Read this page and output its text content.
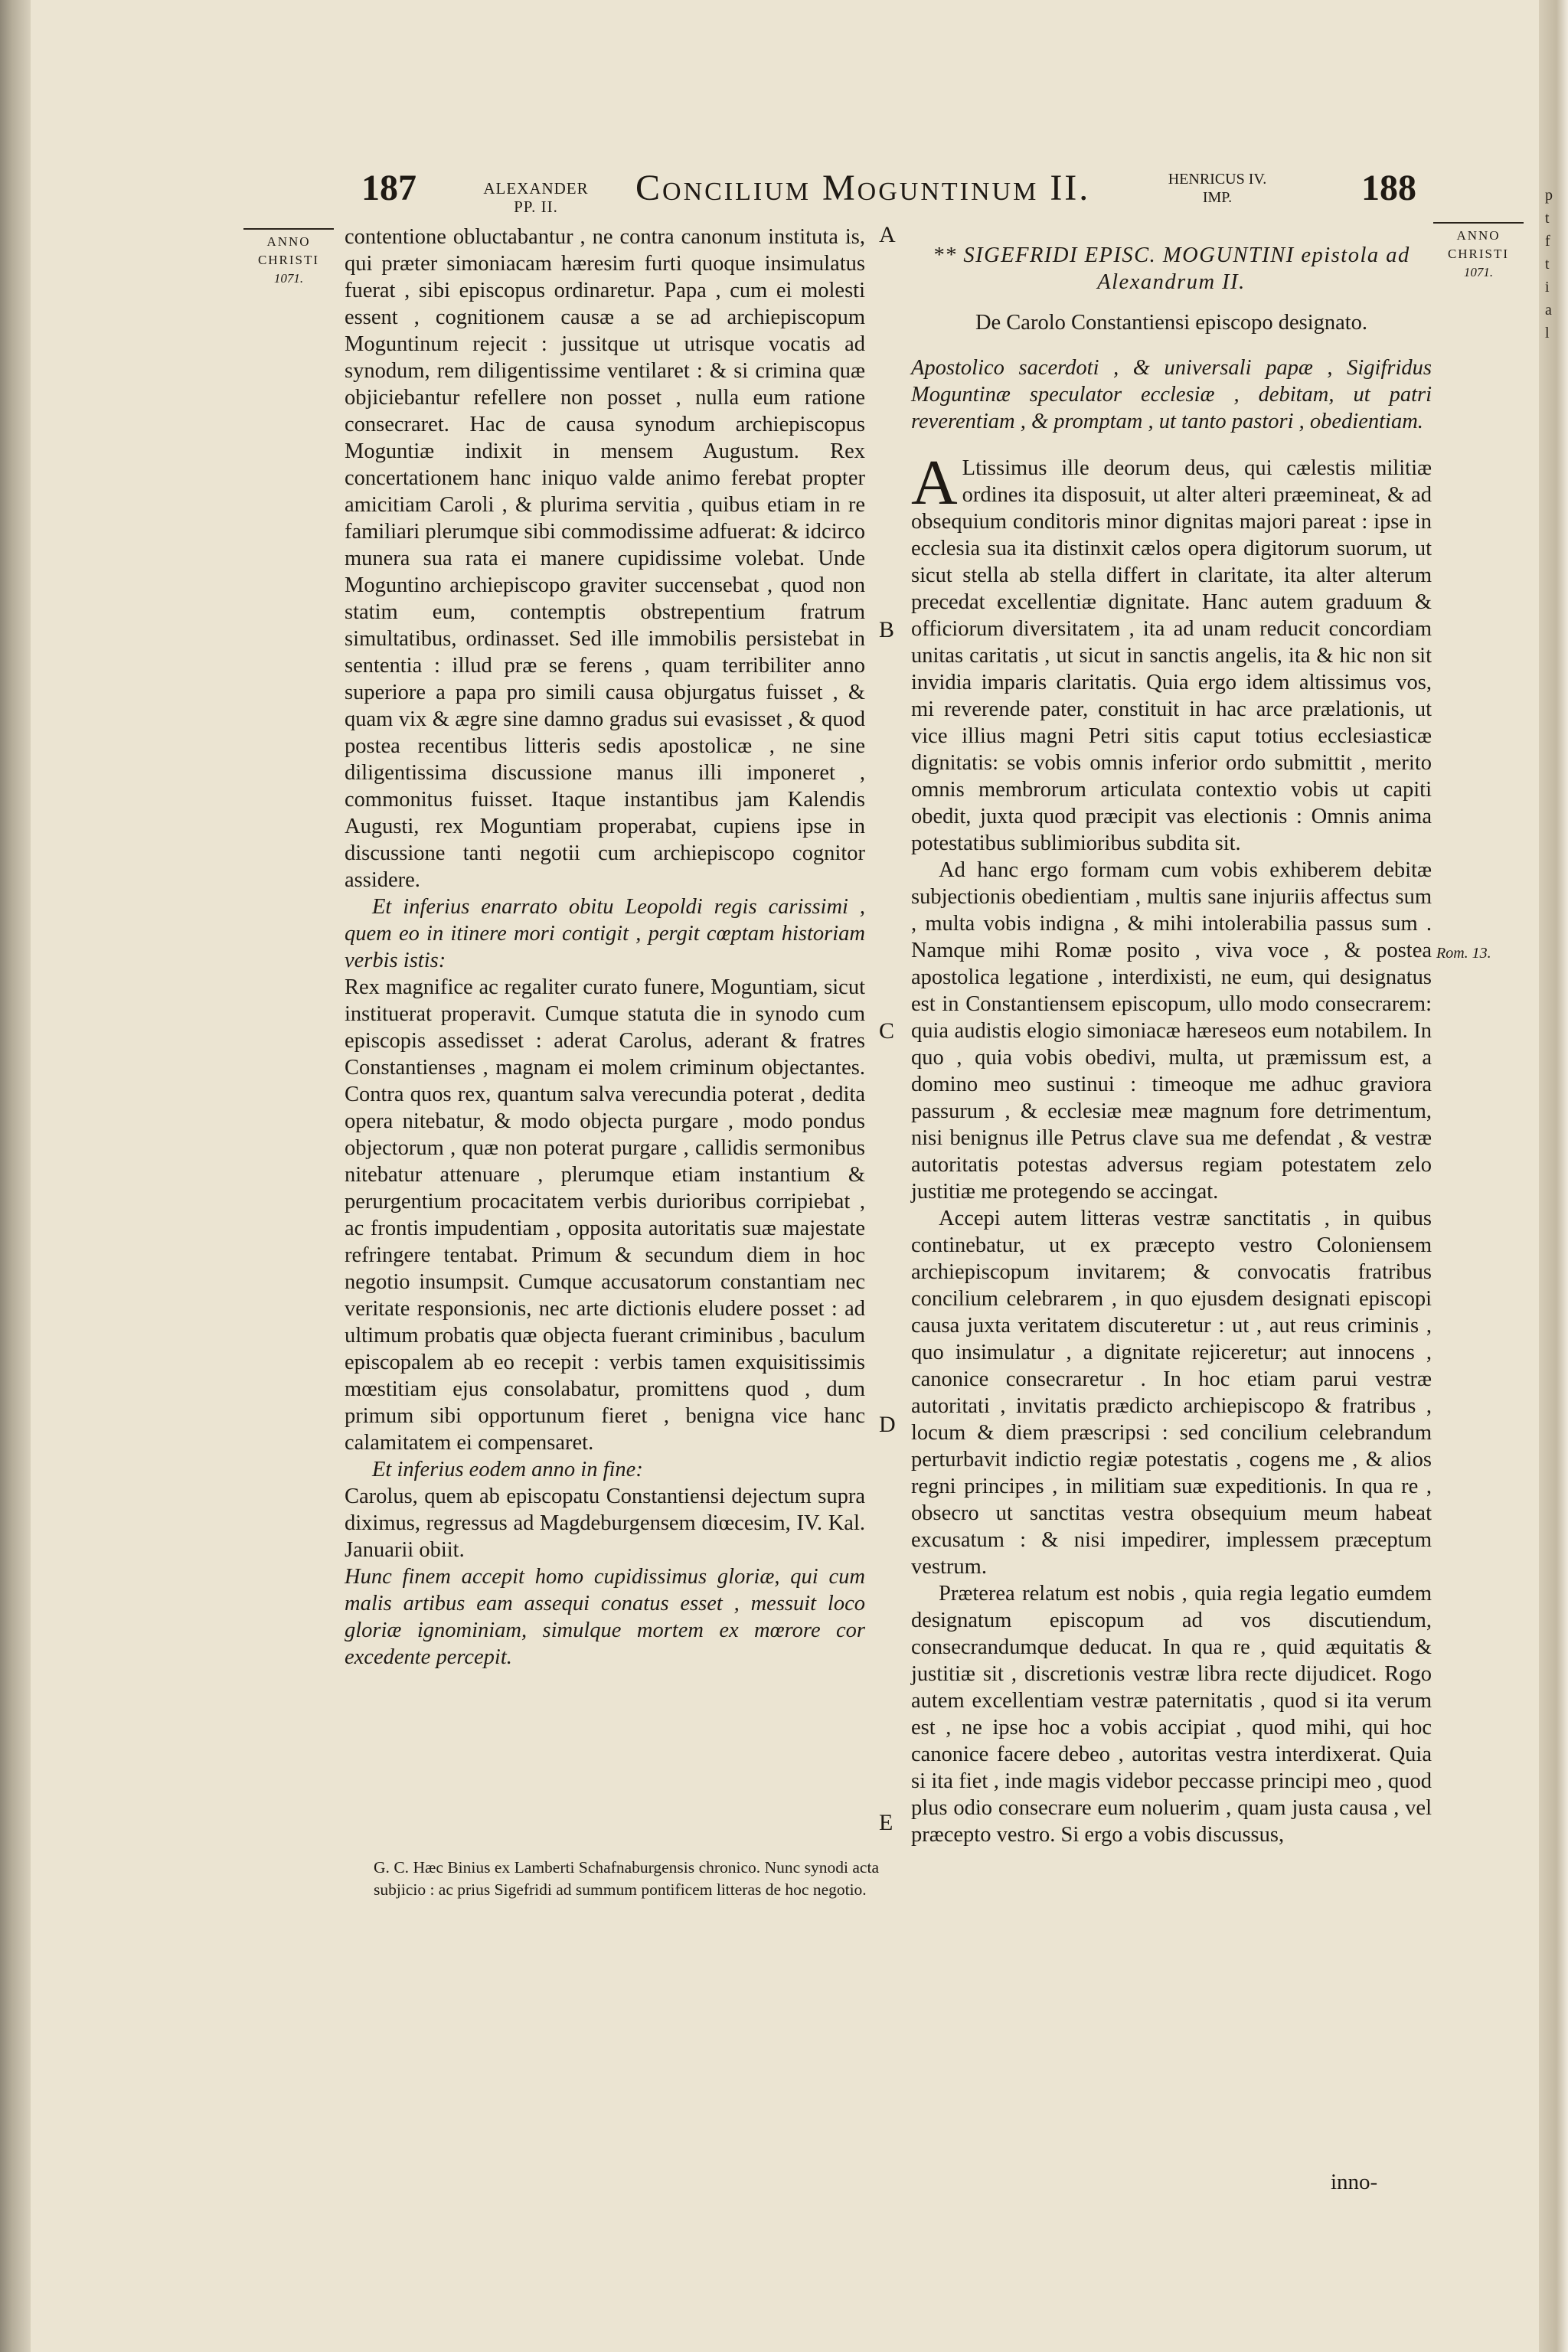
p
t
f
t
i
a
l
187	ALEXANDER
PP. II.	Concilium Moguntinum II.	HENRICUS IV.
IMP.	188
ANNO
CHRISTI
1071.
ANNO
CHRISTI
1071.
A
B
C
D
E

contentione obluctabantur , ne contra canonum instituta is, qui præter simoniacam hæresim furti quoque insimulatus fuerat , sibi episcopus ordinaretur. Papa , cum ei molesti essent , cognitionem causæ a se ad archiepiscopum Moguntinum rejecit : jussitque ut utrisque vocatis ad synodum, rem diligentissime ventilaret : & si crimina quæ objiciebantur refellere non posset , nulla eum ratione consecraret. Hac de causa synodum archiepiscopus Moguntiæ indixit in mensem Augustum. Rex concertationem hanc iniquo valde animo ferebat propter amicitiam Caroli , & plurima servitia , quibus etiam in re familiari plerumque sibi commodissime adfuerat: & idcirco munera sua rata ei manere cupidissime volebat. Unde Moguntino archiepiscopo graviter succensebat , quod non statim eum, contemptis obstrepentium fratrum simultatibus, ordinasset. Sed ille immobilis persistebat in sententia : illud præ se ferens , quam terribiliter anno superiore a papa pro simili causa objurgatus fuisset , & quam vix & ægre sine damno gradus sui evasisset , & quod postea recentibus litteris sedis apostolicæ , ne sine diligentissima discussione manus illi imponeret , commonitus fuisset. Itaque instantibus jam Kalendis Augusti, rex Moguntiam properabat, cupiens ipse in discussione tanti negotii cum archiepiscopo cognitor assidere.

Et inferius enarrato obitu Leopoldi regis carissimi , quem eo in itinere mori contigit , pergit cœptam historiam verbis istis:

Rex magnifice ac regaliter curato funere, Moguntiam, sicut instituerat properavit. Cumque statuta die in synodo cum episcopis assedisset : aderat Carolus, aderant & fratres Constantienses , magnam ei molem criminum objectantes. Contra quos rex, quantum salva verecundia poterat , dedita opera nitebatur, & modo objecta purgare , modo pondus objectorum , quæ non poterat purgare , callidis sermonibus nitebatur attenuare , plerumque etiam instantium & perurgentium procacitatem verbis durioribus corripiebat , ac frontis impudentiam , opposita autoritatis suæ majestate refringere tentabat. Primum & secundum diem in hoc negotio insumpsit. Cumque accusatorum constantiam nec veritate responsionis, nec arte dictionis eludere posset : ad ultimum probatis quæ objecta fuerant criminibus , baculum episcopalem ab eo recepit : verbis tamen exquisitissimis mœstitiam ejus consolabatur, promittens quod , dum primum sibi opportunum fieret , benigna vice hanc calamitatem ei compensaret.

Et inferius eodem anno in fine:

Carolus, quem ab episcopatu Constantiensi dejectum supra diximus, regressus ad Magdeburgensem diœcesim, IV. Kal. Januarii obiit.

Hunc finem accepit homo cupidissimus gloriæ, qui cum malis artibus eam assequi conatus esset , messuit loco gloriæ ignominiam, simulque mortem ex mœrore cor excedente percepit.

G. C. Hæc Binius ex Lamberti Schafnaburgensis chronico. Nunc synodi acta subjicio : ac prius Sigefridi ad summum pontificem litteras de hoc negotio.

** SIGEFRIDI EPISC. MOGUNTINI epistola ad Alexandrum II.

De Carolo Constantiensi episcopo designato.

Apostolico sacerdoti , & universali papæ , Sigifridus Moguntinæ speculator ecclesiæ , debitam, ut patri reverentiam , & promptam , ut tanto pastori , obedientiam.

A Ltissimus ille deorum deus, qui cælestis militiæ ordines ita disposuit, ut alter alteri præemineat, & ad obsequium conditoris minor dignitas majori pareat : ipse in ecclesia sua ita distinxit cælos opera digitorum suorum, ut sicut stella ab stella differt in claritate, ita alter alterum precedat excellentiæ dignitate. Hanc autem graduum & officiorum diversitatem , ita ad unam reducit concordiam unitas caritatis , ut sicut in sanctis angelis, ita & hic non sit invidia imparis claritatis. Quia ergo idem altissimus vos, mi reverende pater, constituit in hac arce prælationis, ut vice illius magni Petri sitis caput totius ecclesiasticæ dignitatis: se vobis omnis inferior ordo submittit , merito omnis membrorum articulata contextio vobis ut capiti obedit, juxta quod præcipit vas electionis : Omnis anima potestatibus sublimioribus subdita sit.

Ad hanc ergo formam cum vobis exhiberem debitæ subjectionis obedientiam , multis sane injuriis affectus sum , multa vobis indigna , & mihi intolerabilia passus sum . Namque mihi Romæ posito , viva voce , & postea apostolica legatione , interdixisti, ne eum, qui designatus est in Constantiensem episcopum, ullo modo consecrarem: quia audistis elogio simoniacæ hæreseos eum notabilem. In quo , quia vobis obedivi, multa, ut præmissum est, a domino meo sustinui : timeoque me adhuc graviora passurum , & ecclesiæ meæ magnum fore detrimentum, nisi benignus ille Petrus clave sua me defendat , & vestræ autoritatis potestas adversus regiam potestatem zelo justitiæ me protegendo se accingat.

Accepi autem litteras vestræ sanctitatis , in quibus continebatur, ut ex præcepto vestro Coloniensem archiepiscopum invitarem; & convocatis fratribus concilium celebrarem , in quo ejusdem designati episcopi causa juxta veritatem discuteretur : ut , aut reus criminis , quo insimulatur , a dignitate rejiceretur; aut innocens , canonice consecraretur . In hoc etiam parui vestræ autoritati , invitatis prædicto archiepiscopo & fratribus , locum & diem præscripsi : sed concilium celebrandum perturbavit indictio regiæ potestatis , cogens me , & alios regni principes , in militiam suæ expeditionis. In qua re , obsecro ut sanctitas vestra obsequium meum habeat excusatum : & nisi impedirer, implessem præceptum vestrum.

Præterea relatum est nobis , quia regia legatio eumdem designatum episcopum ad vos discutiendum, consecrandumque deducat. In qua re , quid æquitatis & justitiæ sit , discretionis vestræ libra recte dijudicet. Rogo autem excellentiam vestræ paternitatis , quod si ita verum est , ne ipse hoc a vobis accipiat , quod mihi, qui hoc canonice facere debeo , autoritas vestra interdixerat. Quia si ita fiet , inde magis videbor peccasse principi meo , quod plus odio consecrare eum noluerim , quam justa causa , vel præcepto vestro. Si ergo a vobis discussus,

Rom. 13.
inno-
